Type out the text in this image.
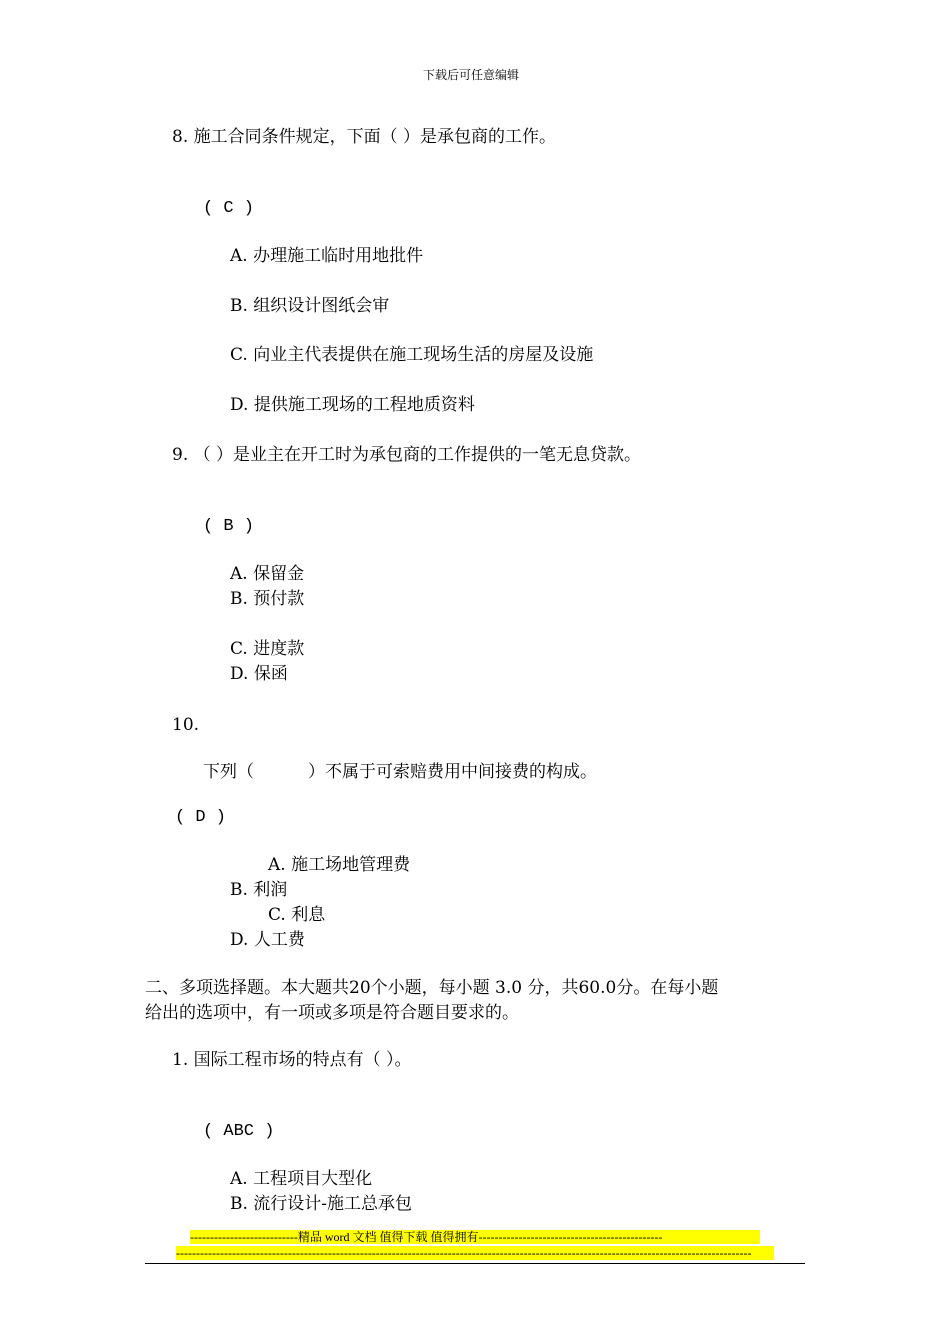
下载后可任意编辑
8. 施工合同条件规定，下面（ ）是承包商的工作。
( C )
A. 办理施工临时用地批件
B. 组织设计图纸会审
C. 向业主代表提供在施工现场生活的房屋及设施
D. 提供施工现场的工程地质资料
9. （ ）是业主在开工时为承包商的工作提供的一笔无息贷款。
( B )
A. 保留金
B. 预付款
C. 进度款
D. 保函
10.
下列（          ）不属于可索赔费用中间接费的构成。
( D )
A. 施工场地管理费
B. 利润
C. 利息
D. 人工费
二、多项选择题。本大题共20个小题，每小题 3.0 分，共60.0分。在每小题
给出的选项中，有一项或多项是符合题目要求的。
1. 国际工程市场的特点有（ ）。
( ABC )
A. 工程项目大型化
B. 流行设计-施工总承包
---------------------------精品 word 文档 值得下载 值得拥有----------------------------------------------
------------------------------------------------------------------------------------------------------------------------------------------------
